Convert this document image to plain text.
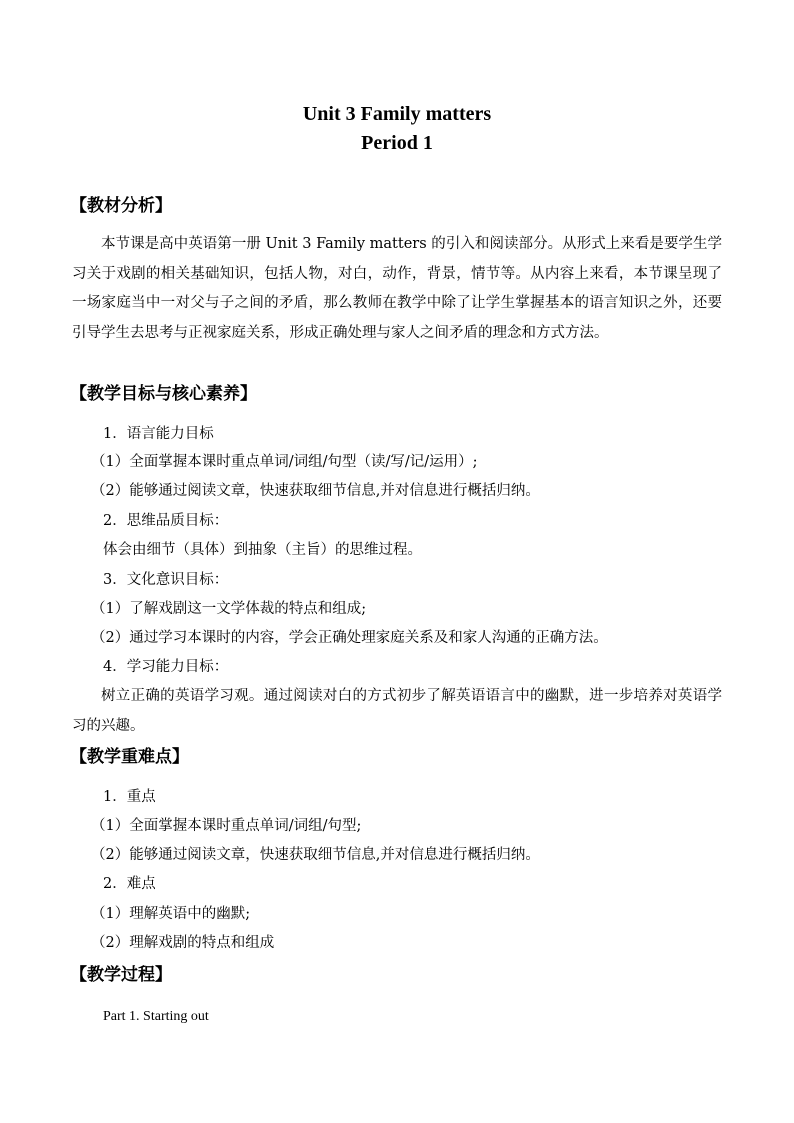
Unit 3 Family matters
Period 1
【教材分析】
本节课是高中英语第一册 Unit 3 Family matters 的引入和阅读部分。从形式上来看是要学生学习关于戏剧的相关基础知识，包括人物，对白，动作，背景，情节等。从内容上来看，本节课呈现了一场家庭当中一对父与子之间的矛盾，那么教师在教学中除了让学生掌握基本的语言知识之外，还要引导学生去思考与正视家庭关系，形成正确处理与家人之间矛盾的理念和方式方法。
【教学目标与核心素养】
1．语言能力目标
（1）全面掌握本课时重点单词/词组/句型（读/写/记/运用）;
（2）能够通过阅读文章，快速获取细节信息,并对信息进行概括归纳。
2．思维品质目标：
体会由细节（具体）到抽象（主旨）的思维过程。
3．文化意识目标：
（1）了解戏剧这一文学体裁的特点和组成;
（2）通过学习本课时的内容，学会正确处理家庭关系及和家人沟通的正确方法。
4．学习能力目标：
树立正确的英语学习观。通过阅读对白的方式初步了解英语语言中的幽默，进一步培养对英语学习的兴趣。
【教学重难点】
1．重点
（1）全面掌握本课时重点单词/词组/句型;
（2）能够通过阅读文章，快速获取细节信息,并对信息进行概括归纳。
2．难点
（1）理解英语中的幽默;
（2）理解戏剧的特点和组成
【教学过程】
Part 1. Starting out
